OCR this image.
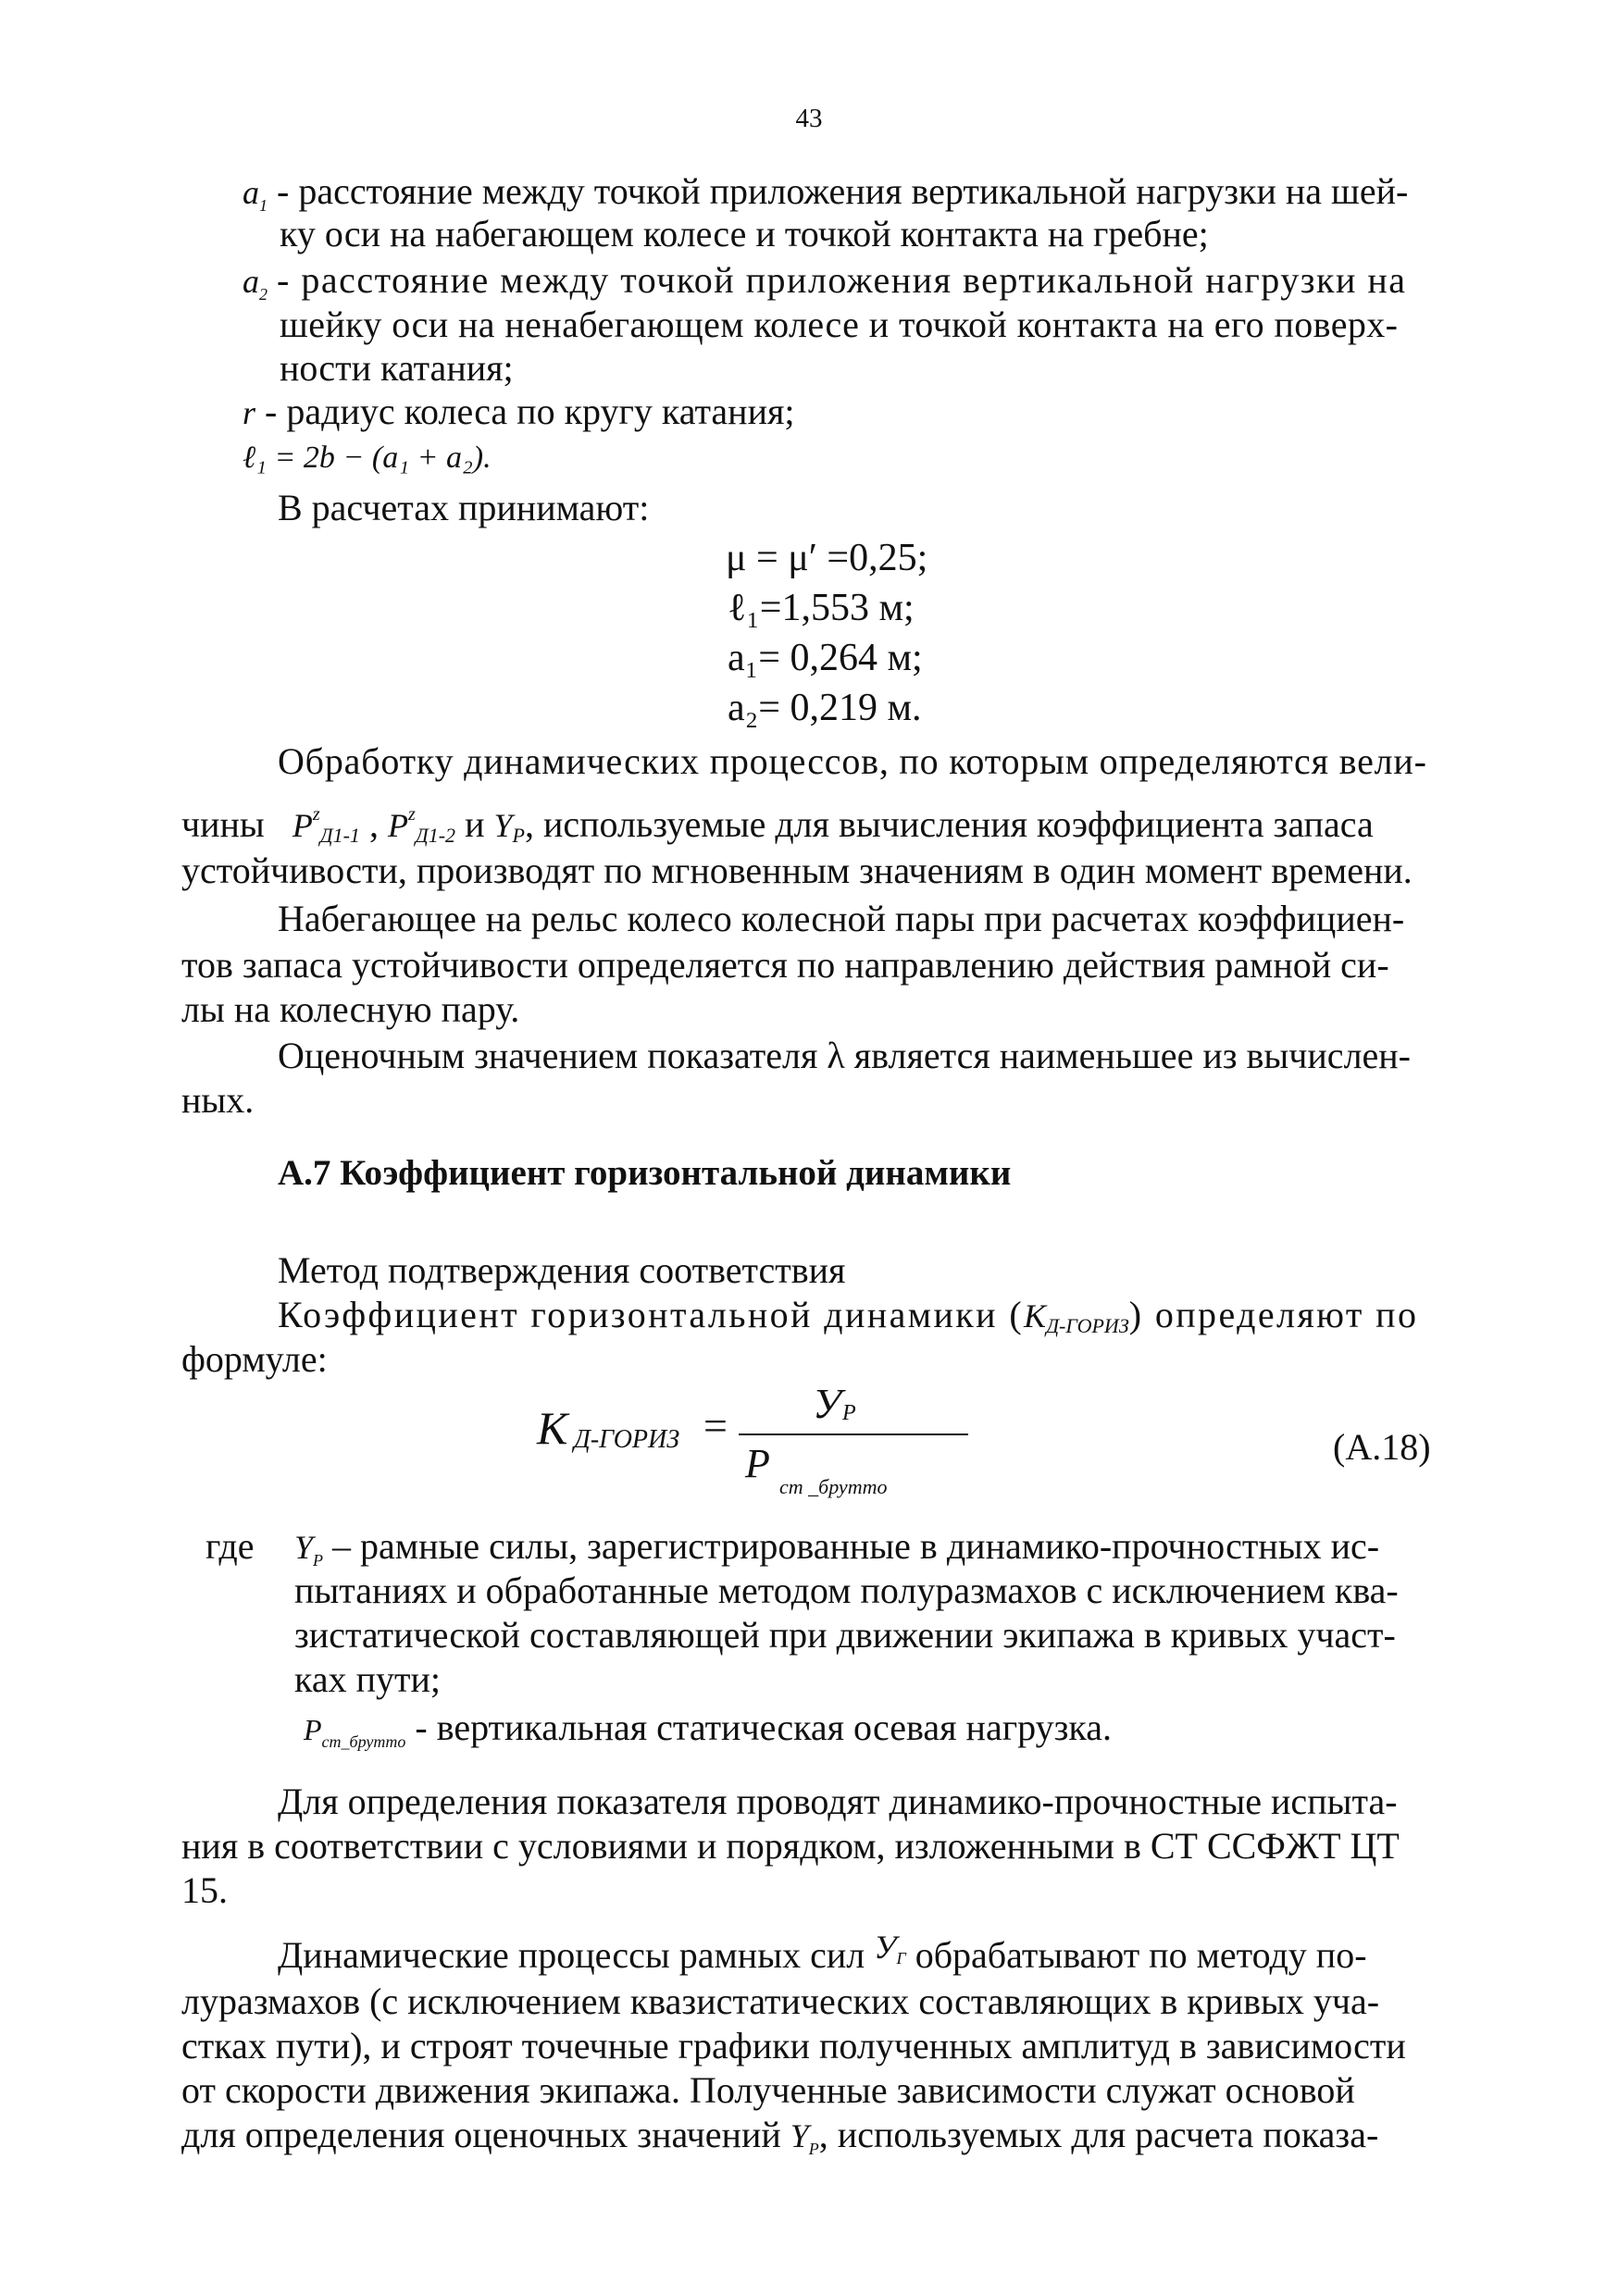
43
$a_1$ - расстояние между точкой приложения вертикальной нагрузки на шей-
ку оси на набегающем колесе и точкой контакта на гребне;
$a_2$ - расстояние между точкой приложения вертикальной нагрузки на
шейку оси на ненабегающем колесе и точкой контакта на его поверх-
ности катания;
r - радиус колеса по кругу катания;
ℓ₁ = 2b − (a₁ + a₂).
В расчетах принимают:
μ = μ′ =0,25;
ℓ₁=1,553 м;
a₁= 0,264 м;
a₂= 0,219 м.
Обработку динамических процессов, по которым определяются вели-
чины $P^zД1-1$ , $P^zД1-2$ и YP, используемые для вычисления коэффициента запаса
устойчивости, производят по мгновенным значениям в один момент времени.
Набегающее на рельс колесо колесной пары при расчетах коэффициен-
тов запаса устойчивости определяется по направлению действия рамной си-
лы на колесную пару.
Оценочным значением показателя λ является наименьшее из вычислен-
ных.
А.7 Коэффициент горизонтальной динамики
Метод подтверждения соответствия
Коэффициент горизонтальной динамики (KД-ГОРИЗ) определяют по
формуле:
K Д-ГОРИЗ = У Р
P
ст _брутто
(А.18)
где $Y_P$ – рамные силы, зарегистрированные в динамико-прочностных ис-
пытаниях и обработанные методом полуразмахов с исключением ква-
зистатической составляющей при движении экипажа в кривых участ-
ках пути;
$P_{ст\_брутто}$ - вертикальная статическая осевая нагрузка.
Для определения показателя проводят динамико-прочностные испыта-
ния в соответствии с условиями и порядком, изложенными в СТ ССФЖТ ЦТ
15.
Динамические процессы рамных сил УГ обрабатывают по методу по-
луразмахов (с исключением квазистатических составляющих в кривых уча-
стках пути), и строят точечные графики полученных амплитуд в зависимости
от скорости движения экипажа. Полученные зависимости служат основой
для определения оценочных значений $Y_P$, используемых для расчета показа-
